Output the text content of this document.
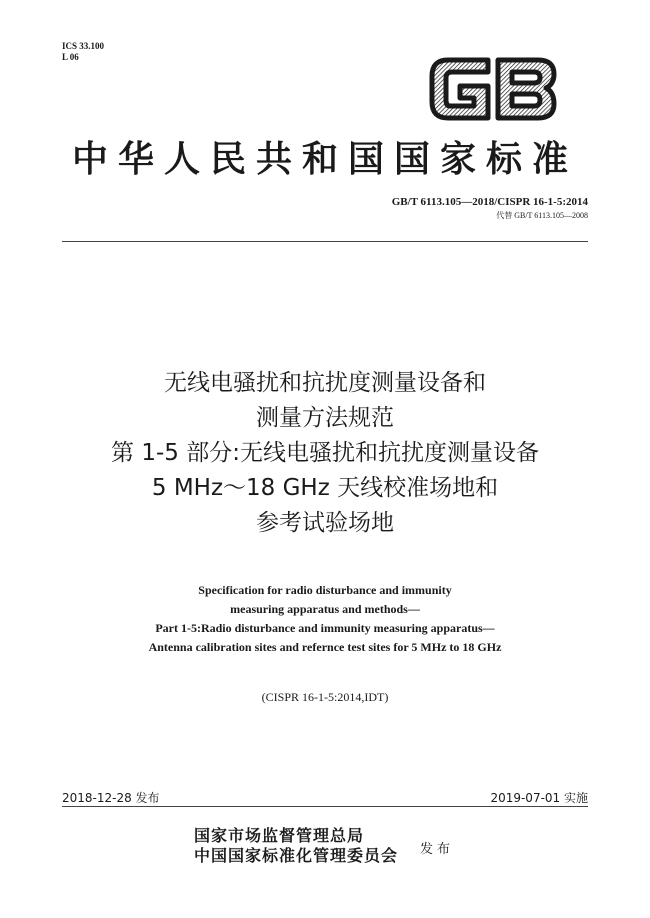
ICS 33.100
L 06
中华人民共和国国家标准
GB/T 6113.105—2018/CISPR 16-1-5:2014
代替 GB/T 6113.105—2008
无线电骚扰和抗扰度测量设备和
测量方法规范
第 1-5 部分:无线电骚扰和抗扰度测量设备
5 MHz～18 GHz 天线校准场地和
参考试验场地
Specification for radio disturbance and immunity
measuring apparatus and methods—
Part 1-5:Radio disturbance and immunity measuring apparatus—
Antenna calibration sites and refernce test sites for 5 MHz to 18 GHz
(CISPR 16-1-5:2014,IDT)
2018-12-28 发布	2019-07-01 实施
国家市场监督管理总局
中国国家标准化管理委员会 发布
